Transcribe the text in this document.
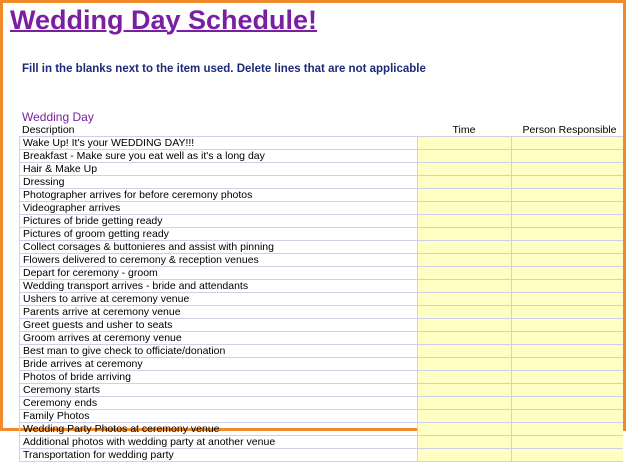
Wedding Day Schedule!
Fill in the blanks next to the item used. Delete lines that are not applicable
Wedding Day
Description	Time	Person Responsible
Wake Up! It's your WEDDING DAY!!!		
Breakfast - Make sure you eat well as it's a long day		
Hair & Make Up		
Dressing		
Photographer arrives for before ceremony photos		
Videographer arrives		
Pictures of bride getting ready		
Pictures of groom getting ready		
Collect corsages & buttonieres and assist with pinning		
Flowers delivered to ceremony & reception venues		
Depart for ceremony - groom		
Wedding transport arrives - bride and attendants		
Ushers to arrive at ceremony venue		
Parents arrive at ceremony venue		
Greet guests and usher to seats		
Groom arrives at ceremony venue		
Best man to give check to officiate/donation		
Bride arrives at ceremony		
Photos of bride arriving		
Ceremony starts		
Ceremony ends		
Family Photos		
Wedding Party Photos at ceremony venue		
Additional photos with wedding party at another venue		
Transportation for wedding party		
